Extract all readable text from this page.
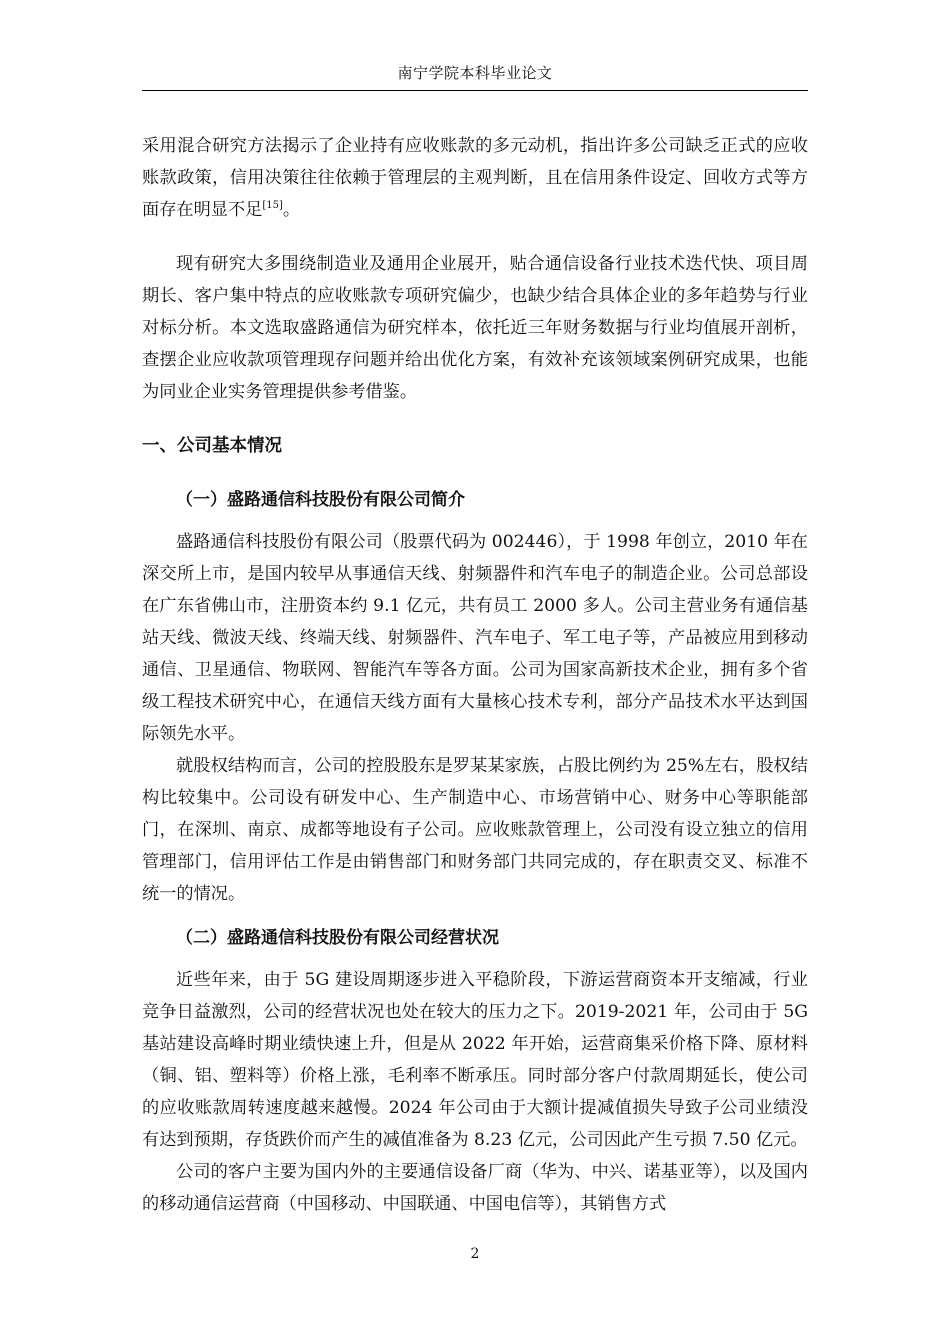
南宁学院本科毕业论文

采用混合研究方法揭示了企业持有应收账款的多元动机，指出许多公司缺乏正式的应收账款政策，信用决策往往依赖于管理层的主观判断，且在信用条件设定、回收方式等方面存在明显不足[15]。

现有研究大多围绕制造业及通用企业展开，贴合通信设备行业技术迭代快、项目周期长、客户集中特点的应收账款专项研究偏少，也缺少结合具体企业的多年趋势与行业对标分析。本文选取盛路通信为研究样本，依托近三年财务数据与行业均值展开剖析，查摆企业应收款项管理现存问题并给出优化方案，有效补充该领域案例研究成果，也能为同业企业实务管理提供参考借鉴。

一、公司基本情况
（一）盛路通信科技股份有限公司简介

盛路通信科技股份有限公司（股票代码为 002446），于 1998 年创立，2010 年在深交所上市，是国内较早从事通信天线、射频器件和汽车电子的制造企业。公司总部设在广东省佛山市，注册资本约 9.1 亿元，共有员工 2000 多人。公司主营业务有通信基站天线、微波天线、终端天线、射频器件、汽车电子、军工电子等，产品被应用到移动通信、卫星通信、物联网、智能汽车等各方面。公司为国家高新技术企业，拥有多个省级工程技术研究中心，在通信天线方面有大量核心技术专利，部分产品技术水平达到国际领先水平。

就股权结构而言，公司的控股股东是罗某某家族，占股比例约为 25%左右，股权结构比较集中。公司设有研发中心、生产制造中心、市场营销中心、财务中心等职能部门，在深圳、南京、成都等地设有子公司。应收账款管理上，公司没有设立独立的信用管理部门，信用评估工作是由销售部门和财务部门共同完成的，存在职责交叉、标准不统一的情况。

（二）盛路通信科技股份有限公司经营状况

近些年来，由于 5G 建设周期逐步进入平稳阶段，下游运营商资本开支缩减，行业竞争日益激烈，公司的经营状况也处在较大的压力之下。2019-2021 年，公司由于 5G 基站建设高峰时期业绩快速上升，但是从 2022 年开始，运营商集采价格下降、原材料（铜、铝、塑料等）价格上涨，毛利率不断承压。同时部分客户付款周期延长，使公司的应收账款周转速度越来越慢。2024 年公司由于大额计提减值损失导致子公司业绩没有达到预期，存货跌价而产生的减值准备为 8.23 亿元，公司因此产生亏损 7.50 亿元。

公司的客户主要为国内外的主要通信设备厂商（华为、中兴、诺基亚等），以及国内的移动通信运营商（中国移动、中国联通、中国电信等），其销售方式

2
